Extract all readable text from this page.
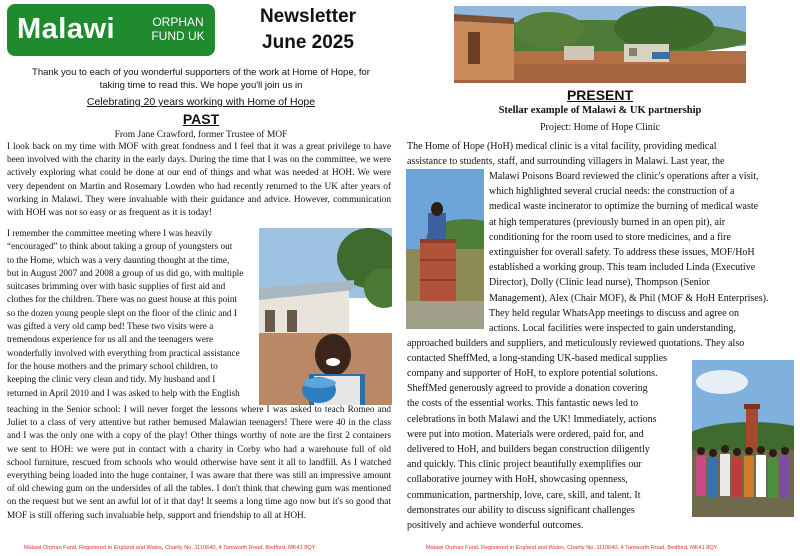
Malawi	ORPHAN
FUND UK
Newsletter
June 2025
Thank you to each of you wonderful supporters of the work at Home of Hope, for
taking time to read this. We hope you'll join us in
Celebrating 20 years working with Home of Hope
PAST
From Jane Crawford, former Trustee of MOF
I look back on my time with MOF with great fondness and I feel that it was a great privilege to have been involved with the charity in the early days. During the time that I was on the committee, we were actively exploring what could be done at our end of things and what was needed at HOH. We were very dependent on Martin and Rosemary Lowden who had recently returned to the UK after years of working in Malawi. They were invaluable with their guidance and advice. However, communication with HOH was not so easy or as frequent as it is today!
I remember the committee meeting where I was heavily
“encouraged” to think about taking a group of youngsters out
to the Home, which was a very daunting thought at the time,
but in August 2007 and 2008 a group of us did go, with multiple
suitcases brimming over with basic supplies of first aid and
clothes for the children. There was no guest house at this point
so the dozen young people slept on the floor of the clinic and I
was gifted a very old camp bed! These two visits were a
tremendous experience for us all and the teenagers were
wonderfully involved with everything from practical assistance
for the house mothers and the primary school children, to
keeping the clinic very clean and tidy. My husband and I
returned in April 2010 and I was asked to help with the English
teaching in the Senior school: I will never forget the lessons where I was asked to teach Romeo and Juliet to a class of very attentive but rather bemused Malawian teenagers! There were 40 in the class and I was the only one with a copy of the play! Other things worthy of note are the first 2 containers we sent to HOH: we were put in contact with a charity in Corby who had a warehouse full of old school furniture, rescued from schools who would otherwise have sent it all to landfill. As I watched everything being loaded into the huge container, I was aware that there was still an impressive amount of old chewing gum on the undersides of all the tables. I don't think that chewing gum was mentioned on the request but we sent an awful lot of it that day! It seems a long time ago now but it's so good that MOF is still offering such invaluable help, support and friendship to all at HOH.
Malawi Orphan Fund, Registered in England and Wales, Charity No. 1110640, 4 Tamworth Road, Bedford, MK41 8QY
PRESENT
Stellar example of Malawi & UK partnership
Project: Home of Hope Clinic
The Home of Hope (HoH) medical clinic is a vital facility, providing medical
assistance to students, staff, and surrounding villagers in Malawi. Last year, the
Malawi Poisons Board reviewed the clinic's operations after a visit,
which highlighted several crucial needs: the construction of a
medical waste incinerator to optimize the burning of medical waste
at high temperatures (previously burned in an open pit), air
conditioning for the room used to store medicines, and a fire
extinguisher for overall safety. To address these issues, MOF/HoH
established a working group. This team included Linda (Executive
Director), Dolly (Clinic lead nurse), Thompson (Senior
Management), Alex (Chair MOF), & Phil (MOF & HoH Enterprises).
They held regular WhatsApp meetings to discuss and agree on
actions. Local facilities were inspected to gain understanding,
approached builders and suppliers, and meticulously reviewed quotations. They also
contacted SheffMed, a long-standing UK-based medical supplies
company and supporter of HoH, to explore potential solutions.
SheffMed generously agreed to provide a donation covering
the costs of the essential works. This fantastic news led to
celebrations in both Malawi and the UK! Immediately, actions
were put into motion. Materials were ordered, paid for, and
delivered to HoH, and builders began construction diligently
and quickly. This clinic project beautifully exemplifies our
collaborative journey with HoH, showcasing openness,
communication, partnership, love, care, skill, and talent. It
demonstrates our ability to discuss significant challenges
positively and achieve wonderful outcomes.
Malawi Orphan Fund, Registered in England and Wales, Charity No. 1110640, 4 Tamworth Road, Bedford, MK41 8QY
